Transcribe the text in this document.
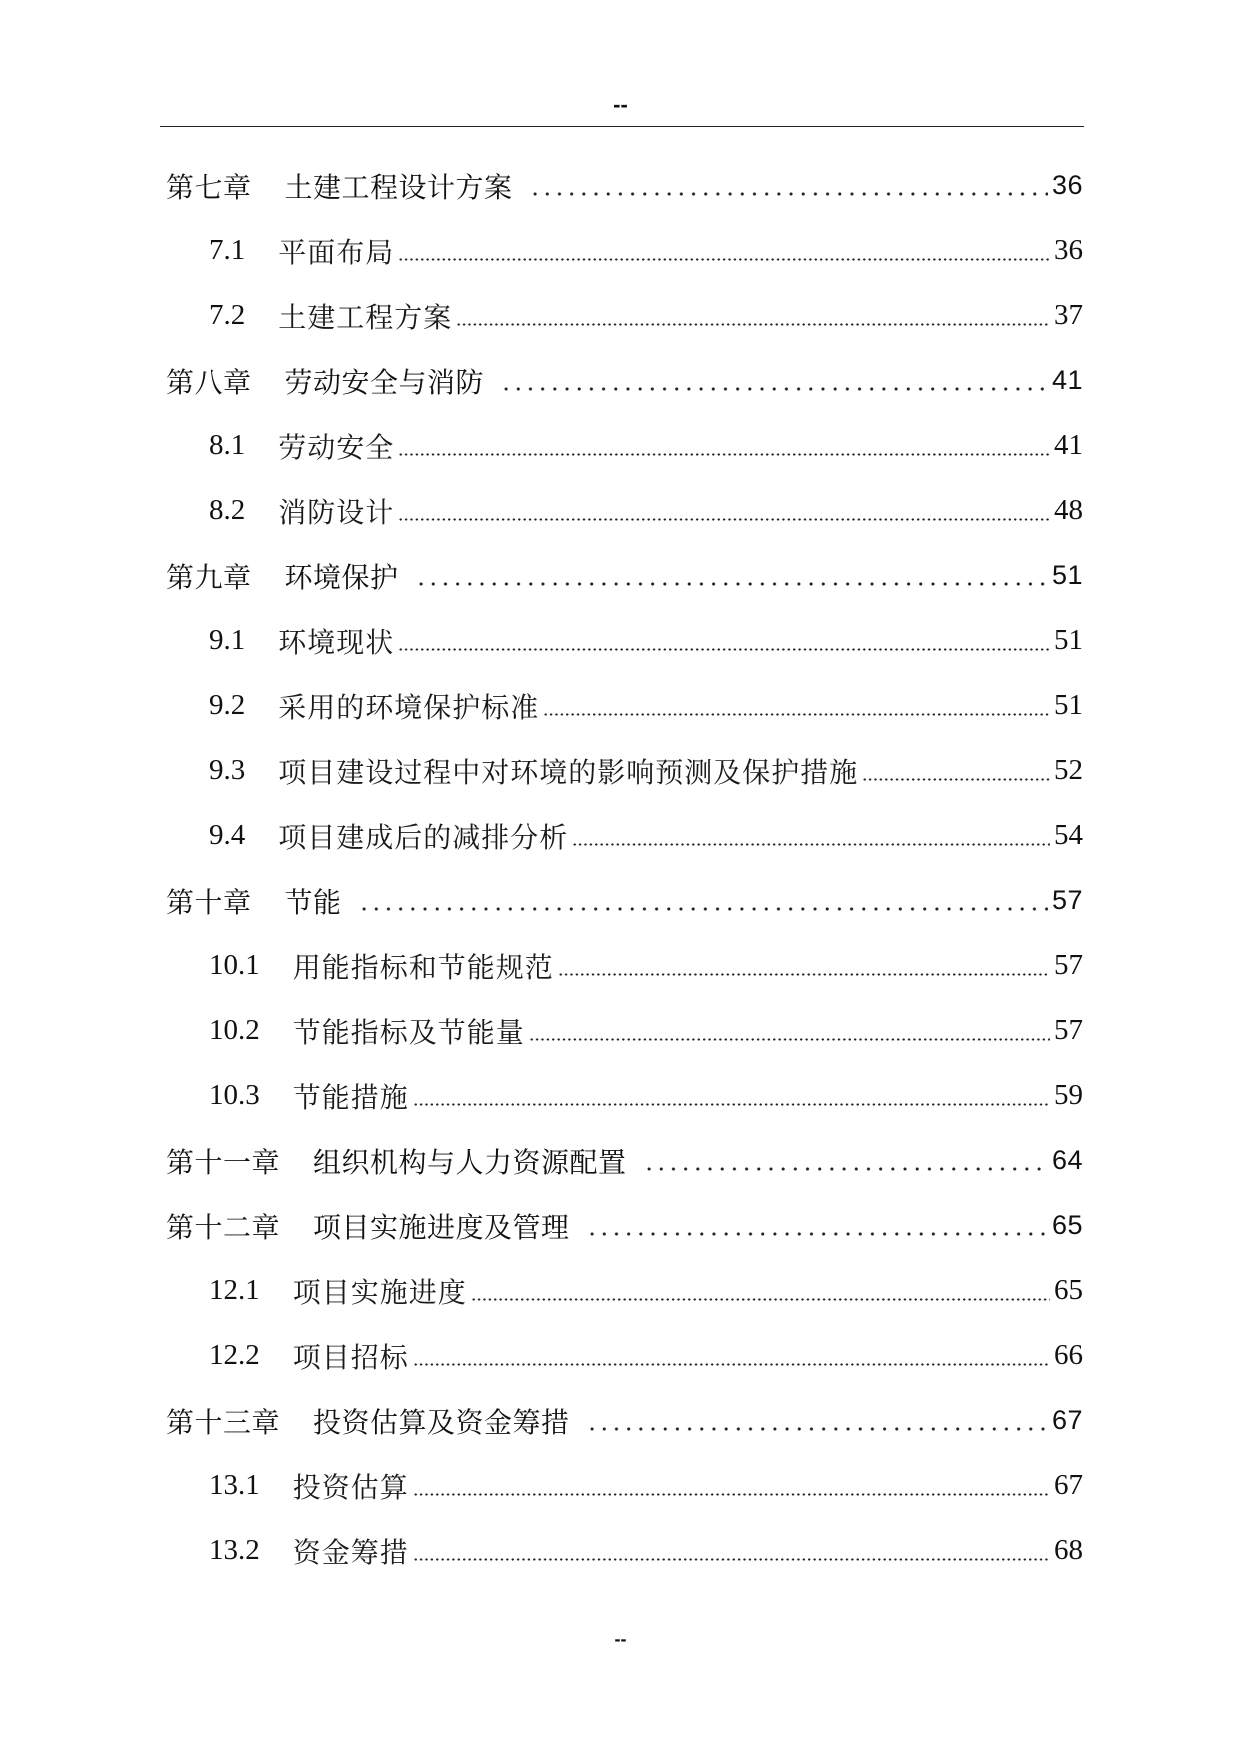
--
第七章 土建工程设计方案	36
7.1 平面布局	36
7.2 土建工程方案	37
第八章 劳动安全与消防	41
8.1 劳动安全	41
8.2 消防设计	48
第九章 环境保护	51
9.1 环境现状	51
9.2 采用的环境保护标准	51
9.3 项目建设过程中对环境的影响预测及保护措施	52
9.4 项目建成后的减排分析	54
第十章 节能	57
10.1 用能指标和节能规范	57
10.2 节能指标及节能量	57
10.3 节能措施	59
第十一章 组织机构与人力资源配置	64
第十二章 项目实施进度及管理	65
12.1 项目实施进度	65
12.2 项目招标	66
第十三章 投资估算及资金筹措	67
13.1 投资估算	67
13.2 资金筹措	68
--
